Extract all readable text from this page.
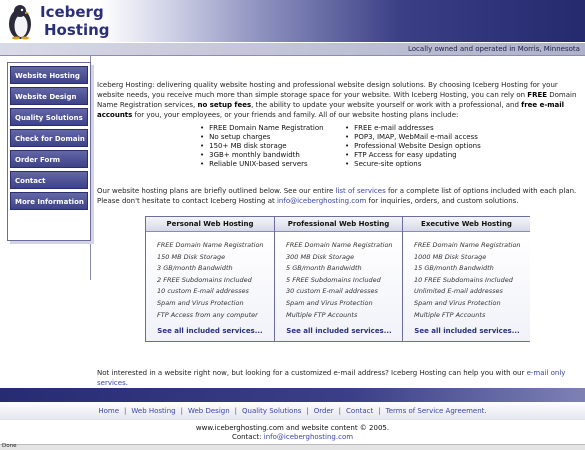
Iceberg
Hosting
Locally owned and operated in Morris, Minnesota
Website Hosting
Website Design
Quality Solutions
Check for Domain
Order Form
Contact
More Information

Iceberg Hosting: delivering quality website hosting and professional website design solutions. By choosing Iceberg Hosting for your website needs, you receive much more than simple storage space for your website. With Iceberg Hosting, you can rely on FREE Domain Name Registration services, no setup fees, the ability to update your website yourself or work with a professional, and free e-mail accounts for you, your employees, or your friends and family. All of our website hosting plans include:

• FREE Domain Name Registration
• No setup charges
• 150+ MB disk storage
• 3GB+ monthly bandwidth
• Reliable UNIX-based servers
• FREE e-mail addresses
• POP3, IMAP, WebMail e-mail access
• Professional Website Design options
• FTP Access for easy updating
• Secure-site options

Our website hosting plans are briefly outlined below. See our entire list of services for a complete list of options included with each plan. Please don't hesitate to contact Iceberg Hosting at info@iceberghosting.com for inquiries, orders, and custom solutions.

Personal Web Hosting
FREE Domain Name Registration
150 MB Disk Storage
3 GB/month Bandwidth
2 FREE Subdomains Included
10 custom E-mail addresses
Spam and Virus Protection
FTP Access from any computer
See all included services...
Professional Web Hosting
FREE Domain Name Registration
300 MB Disk Storage
5 GB/month Bandwidth
5 FREE Subdomains Included
30 custom E-mail addresses
Spam and Virus Protection
Multiple FTP Accounts
See all included services...
Executive Web Hosting
FREE Domain Name Registration
1000 MB Disk Storage
15 GB/month Bandwidth
10 FREE Subdomains Included
Unlimited E-mail addresses
Spam and Virus Protection
Multiple FTP Accounts
See all included services...

Not interested in a website right now, but looking for a customized e-mail address? Iceberg Hosting can help you with our e-mail only services.

Home | Web Hosting | Web Design | Quality Solutions | Order | Contact | Terms of Service Agreement.
www.iceberghosting.com and website content © 2005.
Contact: info@iceberghosting.com
Done
